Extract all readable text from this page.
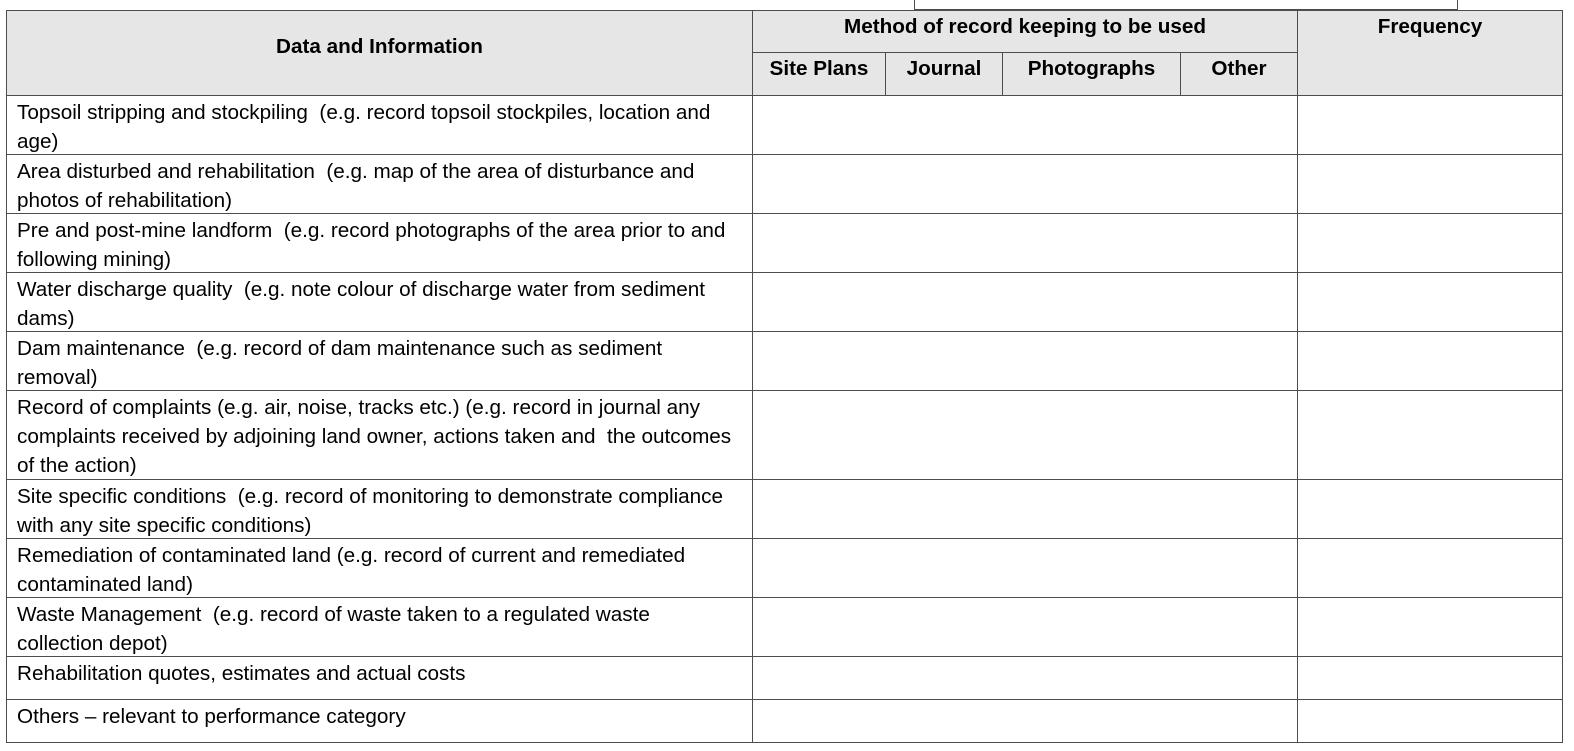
Data and Information
Method of record keeping to be used	Frequency
Site Plans	Journal	Photographs	Other
Topsoil stripping and stockpiling  (e.g. record topsoil stockpiles, location and age)
Area disturbed and rehabilitation  (e.g. map of the area of disturbance and photos of rehabilitation)
Pre and post-mine landform  (e.g. record photographs of the area prior to and following mining)
Water discharge quality  (e.g. note colour of discharge water from sediment dams)
Dam maintenance  (e.g. record of dam maintenance such as sediment removal)
Record of complaints (e.g. air, noise, tracks etc.) (e.g. record in journal any complaints received by adjoining land owner, actions taken and  the outcomes of the action)
Site specific conditions  (e.g. record of monitoring to demonstrate compliance with any site specific conditions)
Remediation of contaminated land (e.g. record of current and remediated contaminated land)
Waste Management  (e.g. record of waste taken to a regulated waste collection depot)
Rehabilitation quotes, estimates and actual costs
Others – relevant to performance category
